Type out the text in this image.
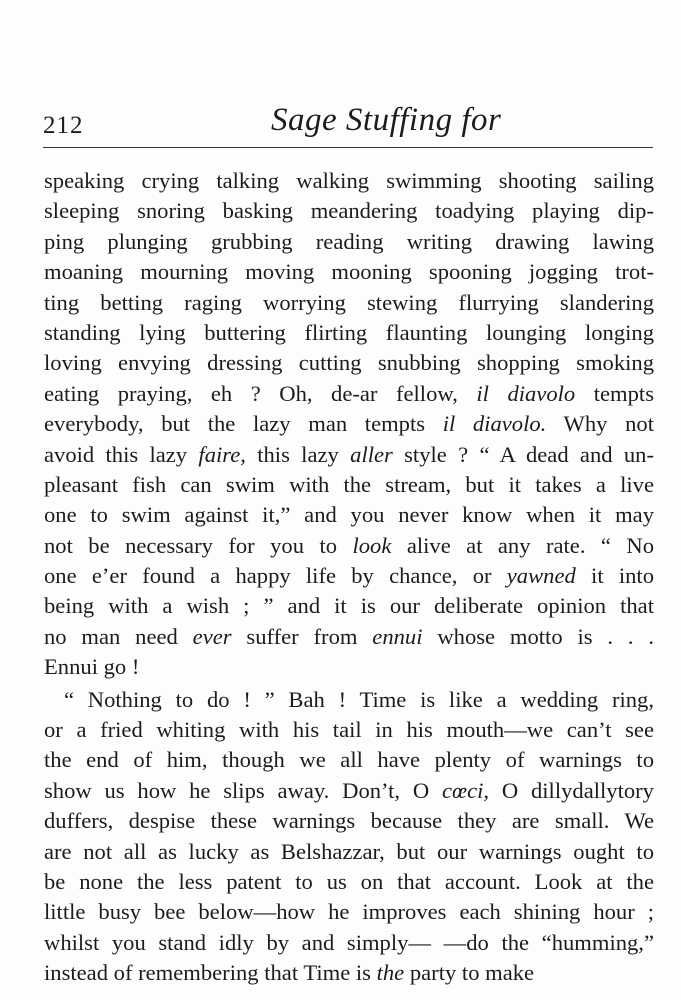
212	Sage Stuffing for
speaking crying talking walking swimming shooting sailing
sleeping snoring basking meandering toadying playing dip-
ping plunging grubbing reading writing drawing lawing
moaning mourning moving mooning spooning jogging trot-
ting betting raging worrying stewing flurrying slandering
standing lying buttering flirting flaunting lounging longing
loving envying dressing cutting snubbing shopping smoking
eating praying, eh ? Oh, de-ar fellow, il diavolo tempts
everybody, but the lazy man tempts il diavolo. Why not
avoid this lazy faire, this lazy aller style ? “ A dead and un-
pleasant fish can swim with the stream, but it takes a live
one to swim against it,” and you never know when it may
not be necessary for you to look alive at any rate. “ No
one e’er found a happy life by chance, or yawned it into
being with a wish ; ” and it is our deliberate opinion that
no man need ever suffer from ennui whose motto is . . .
Ennui go !
“ Nothing to do ! ” Bah ! Time is like a wedding ring,
or a fried whiting with his tail in his mouth—we can’t see
the end of him, though we all have plenty of warnings to
show us how he slips away. Don’t, O cœci, O dillydallytory
duffers, despise these warnings because they are small. We
are not all as lucky as Belshazzar, but our warnings ought to
be none the less patent to us on that account. Look at the
little busy bee below—how he improves each shining hour ;
whilst you stand idly by and simply— —do the “humming,”
instead of remembering that Time is the party to make
